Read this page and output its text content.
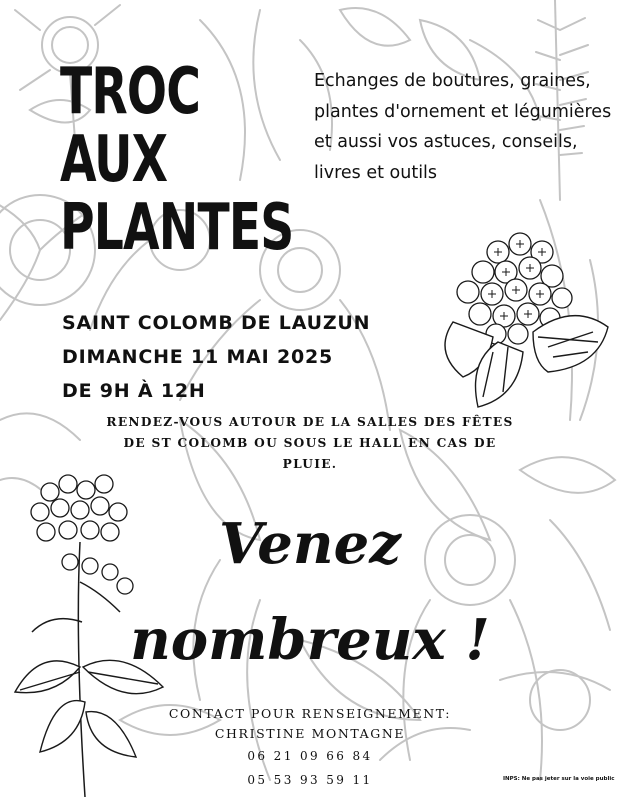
TROC AUX
PLANTES

Echanges de boutures, graines, plantes d'ornement et légumières et aussi vos astuces, conseils, livres et outils

SAINT COLOMB DE LAUZUN
DIMANCHE 11 MAI 2025
DE 9H À 12H

RENDEZ-VOUS AUTOUR DE LA SALLES DES FÊTES DE ST COLOMB OU SOUS LE HALL EN CAS DE PLUIE.

Venez
nombreux !
CONTACT POUR RENSEIGNEMENT:
CHRISTINE MONTAGNE
06 21 09 66 84
05 53 93 59 11	INPS: Ne pas jeter sur la voie public
